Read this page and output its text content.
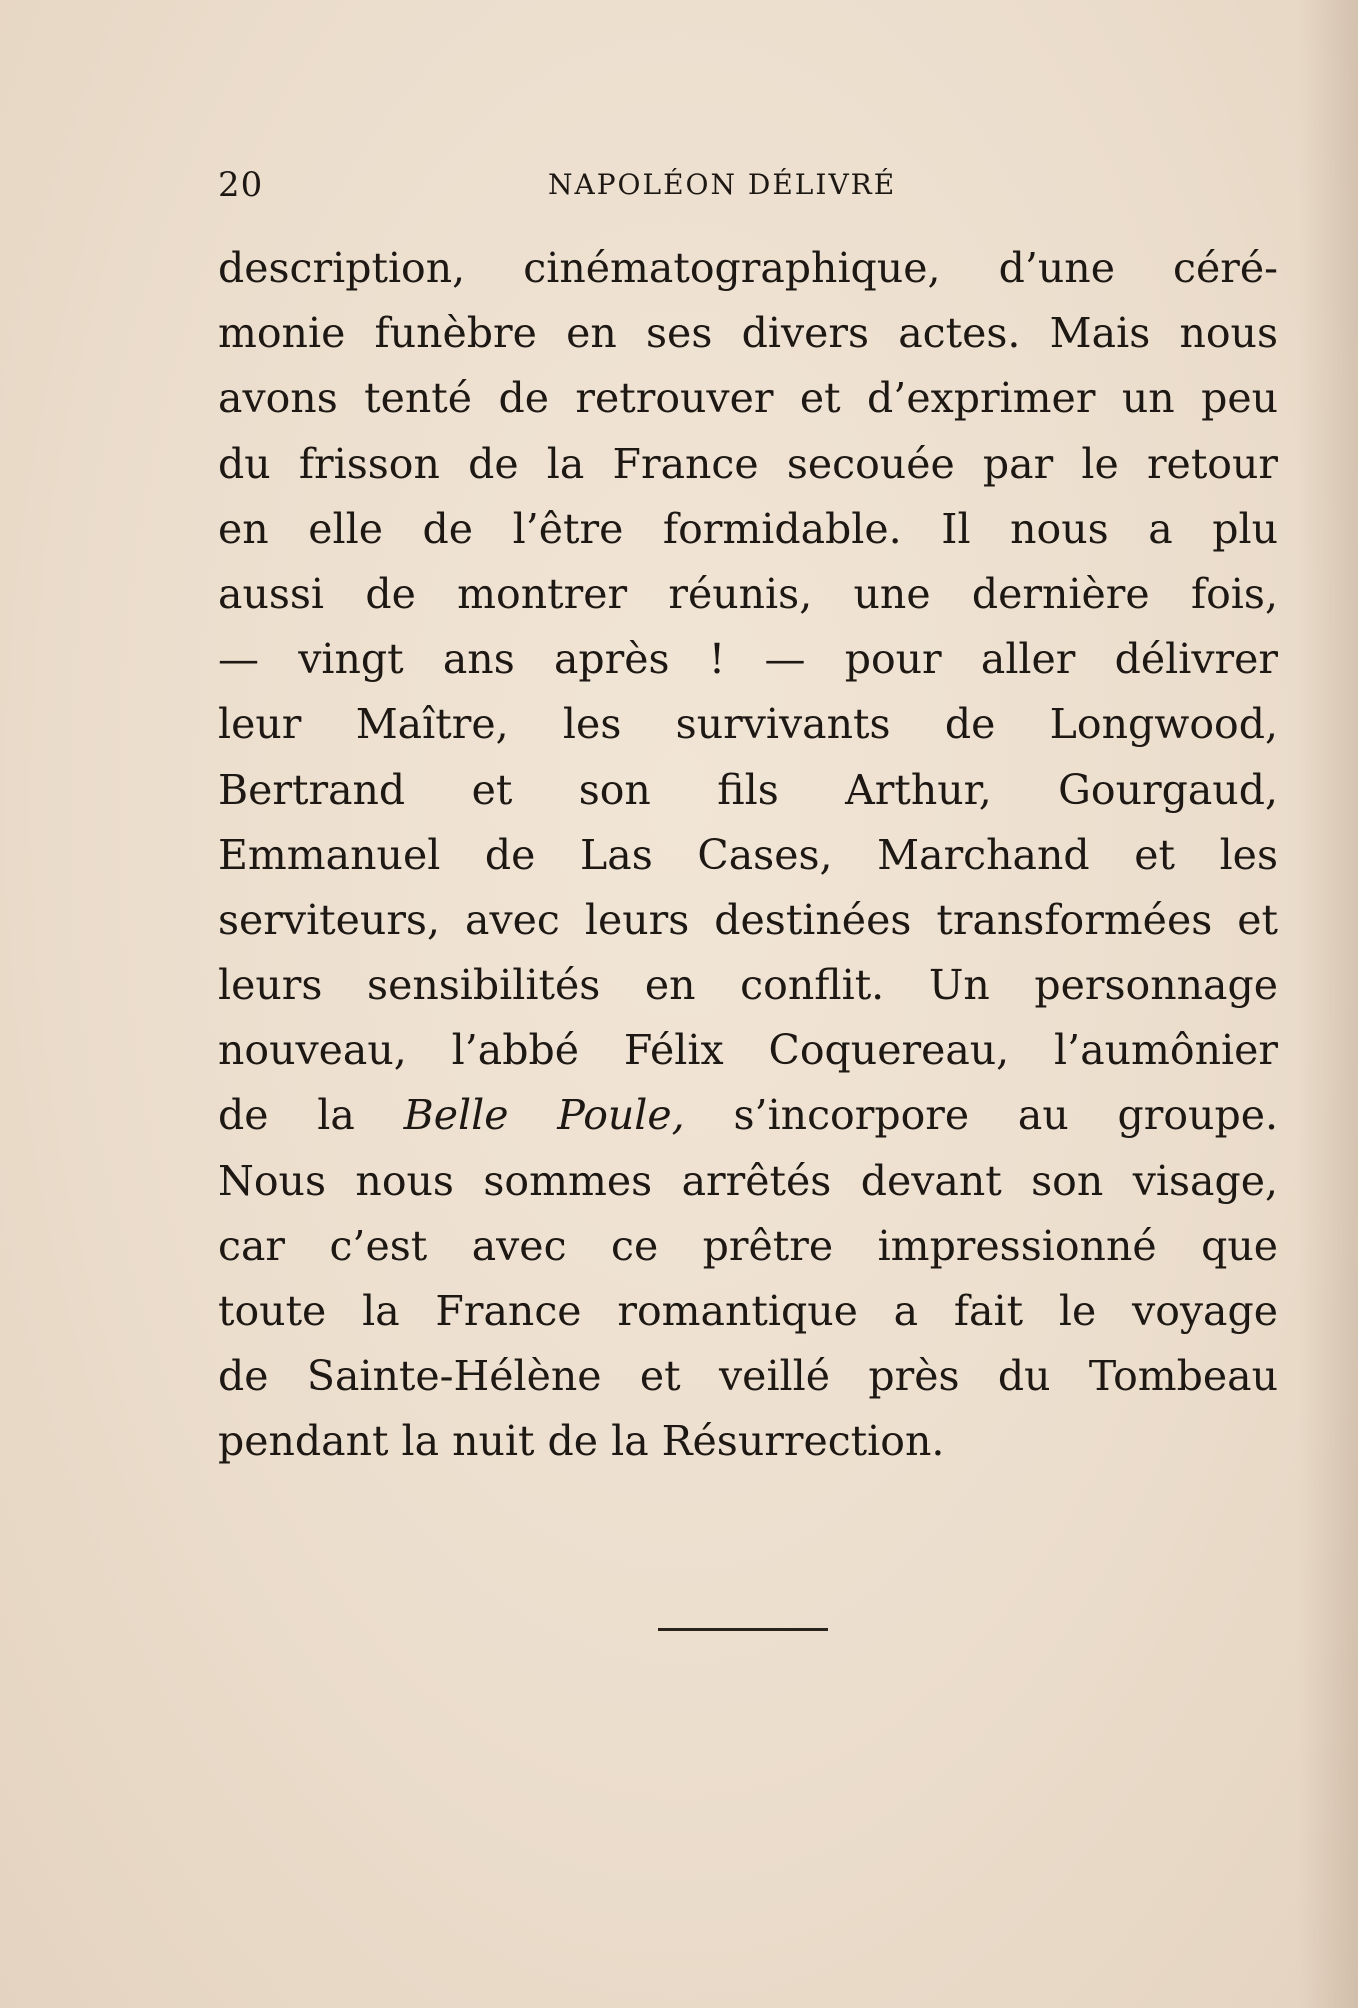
20	NAPOLÉON DÉLIVRÉ
description, cinématographique, d’une céré-
monie funèbre en ses divers actes. Mais nous
avons tenté de retrouver et d’exprimer un peu
du frisson de la France secouée par le retour
en elle de l’être formidable. Il nous a plu
aussi de montrer réunis, une dernière fois,
— vingt ans après ! — pour aller délivrer
leur Maître, les survivants de Longwood,
Bertrand et son fils Arthur, Gourgaud,
Emmanuel de Las Cases, Marchand et les
serviteurs, avec leurs destinées transformées et
leurs sensibilités en conflit. Un personnage
nouveau, l’abbé Félix Coquereau, l’aumônier
de la Belle Poule, s’incorpore au groupe.
Nous nous sommes arrêtés devant son visage,
car c’est avec ce prêtre impressionné que
toute la France romantique a fait le voyage
de Sainte-Hélène et veillé près du Tombeau
pendant la nuit de la Résurrection.
